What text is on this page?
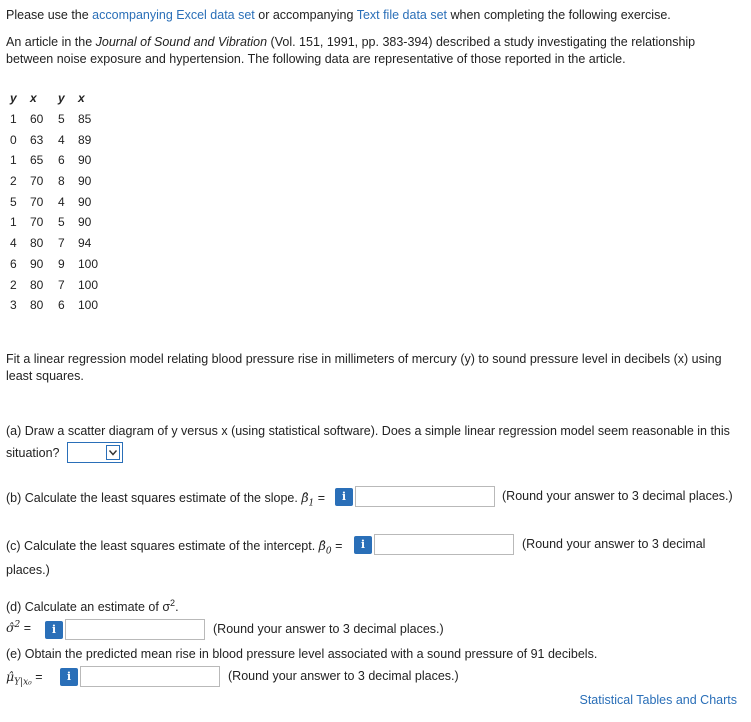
Please use the accompanying Excel data set or accompanying Text file data set when completing the following exercise.
An article in the Journal of Sound and Vibration (Vol. 151, 1991, pp. 383-394) described a study investigating the relationship
between noise exposure and hypertension. The following data are representative of those reported in the article.
y	x	y	x
1	60	5	85
0	63	4	89
1	65	6	90
2	70	8	90
5	70	4	90
1	70	5	90
4	80	7	94
6	90	9	100
2	80	7	100
3	80	6	100
Fit a linear regression model relating blood pressure rise in millimeters of mercury (y) to sound pressure level in decibels (x) using
least squares.
(a) Draw a scatter diagram of y versus x (using statistical software). Does a simple linear regression model seem reasonable in this
situation?
(b) Calculate the least squares estimate of the slope. $\betâ_1$ =	i	(Round your answer to 3 decimal places.)
(c) Calculate the least squares estimate of the intercept. $\betâ_0$ =	i	(Round your answer to 3 decimal
places.)
(d) Calculate an estimate of $\sigma^2$.
σ̂$^2$ =	i	(Round your answer to 3 decimal places.)
(e) Obtain the predicted mean rise in blood pressure level associated with a sound pressure of 91 decibels.
$\mû_{Y|x_0}$ =	i	(Round your answer to 3 decimal places.)
Statistical Tables and Charts
